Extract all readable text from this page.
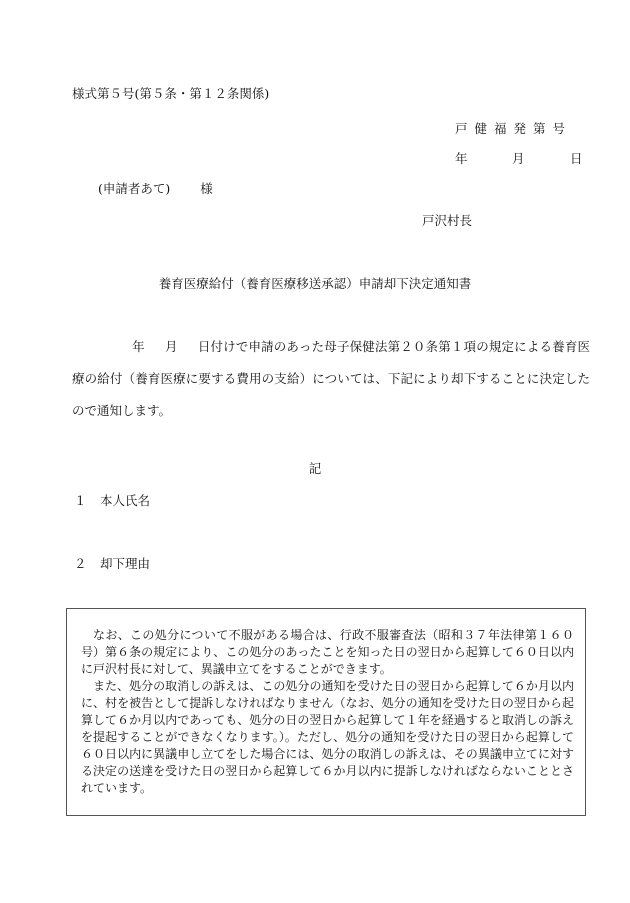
様式第５号(第５条・第１２条関係)
戸健福発第号
年	月	日
(申請者あて) 様
戸沢村長
養育医療給付（養育医療移送承認）申請却下決定通知書
年 月 日付けで申請のあった母子保健法第２０条第１項の規定による養育医療の給付（養育医療に要する費用の支給）については、下記により却下することに決定したので通知します。
記
１ 本人氏名
２ 却下理由

なお、この処分について不服がある場合は、行政不服審査法（昭和３７年法律第１６０号）第６条の規定により、この処分のあったことを知った日の翌日から起算して６０日以内に戸沢村長に対して、異議申立てをすることができます。

また、処分の取消しの訴えは、この処分の通知を受けた日の翌日から起算して６か月以内に、村を被告として提訴しなければなりません（なお、処分の通知を受けた日の翌日から起算して６か月以内であっても、処分の日の翌日から起算して１年を経過すると取消しの訴えを提起することができなくなります。）。ただし、処分の通知を受けた日の翌日から起算して６０日以内に異議申し立てをした場合には、処分の取消しの訴えは、その異議申立てに対する決定の送達を受けた日の翌日から起算して６か月以内に提訴しなければならないこととされています。
